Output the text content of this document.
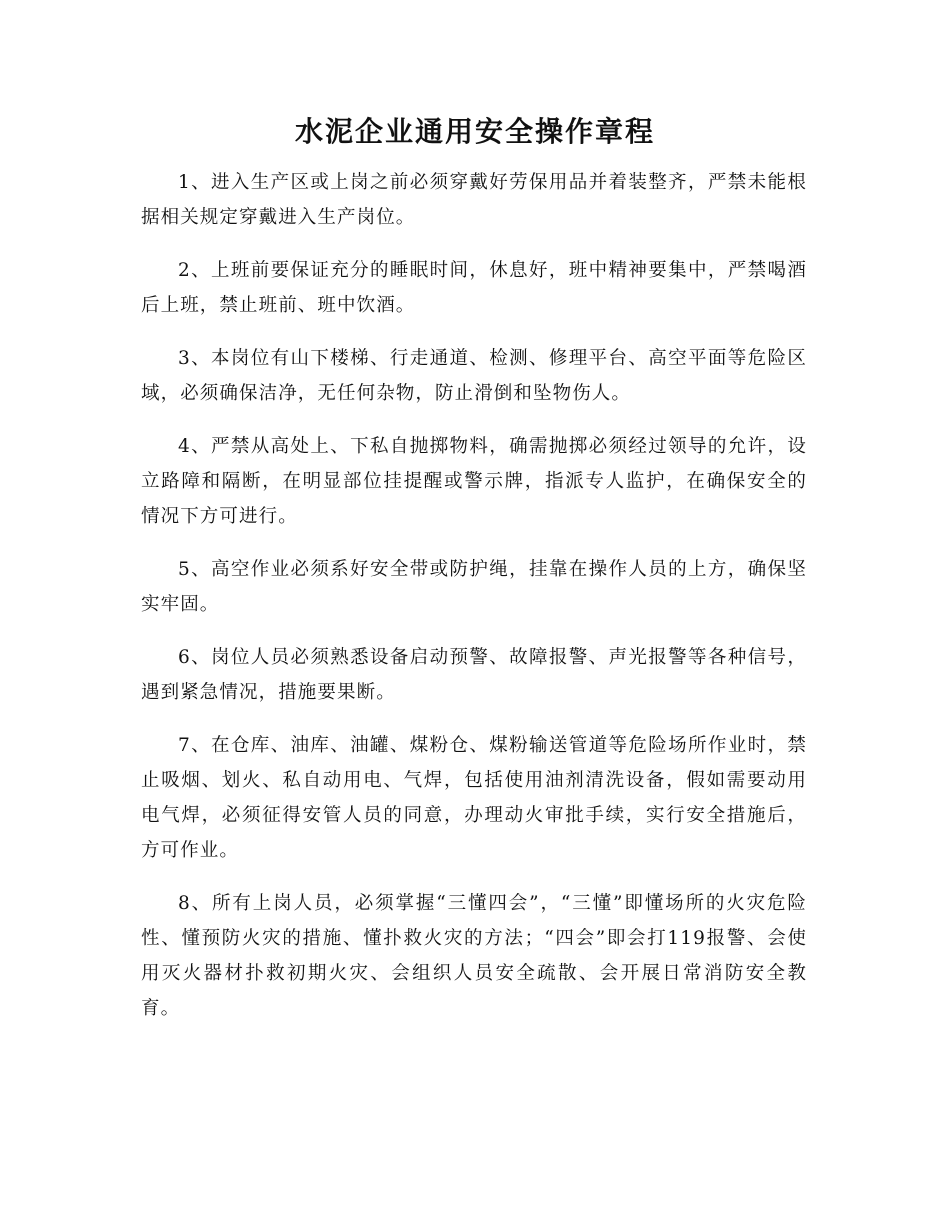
水泥企业通用安全操作章程

1、进入生产区或上岗之前必须穿戴好劳保用品并着装整齐，严禁未能根据相关规定穿戴进入生产岗位。

2、上班前要保证充分的睡眠时间，休息好，班中精神要集中，严禁喝酒后上班，禁止班前、班中饮酒。

3、本岗位有山下楼梯、行走通道、检测、修理平台、高空平面等危险区域，必须确保洁净，无任何杂物，防止滑倒和坠物伤人。

4、严禁从高处上、下私自抛掷物料，确需抛掷必须经过领导的允许，设立路障和隔断，在明显部位挂提醒或警示牌，指派专人监护，在确保安全的情况下方可进行。

5、高空作业必须系好安全带或防护绳，挂靠在操作人员的上方，确保坚实牢固。

6、岗位人员必须熟悉设备启动预警、故障报警、声光报警等各种信号，遇到紧急情况，措施要果断。

7、在仓库、油库、油罐、煤粉仓、煤粉输送管道等危险场所作业时，禁止吸烟、划火、私自动用电、气焊，包括使用油剂清洗设备，假如需要动用电气焊，必须征得安管人员的同意，办理动火审批手续，实行安全措施后，方可作业。

8、所有上岗人员，必须掌握“三懂四会”，“三懂”即懂场所的火灾危险性、懂预防火灾的措施、懂扑救火灾的方法；“四会”即会打119报警、会使用灭火器材扑救初期火灾、会组织人员安全疏散、会开展日常消防安全教育。
